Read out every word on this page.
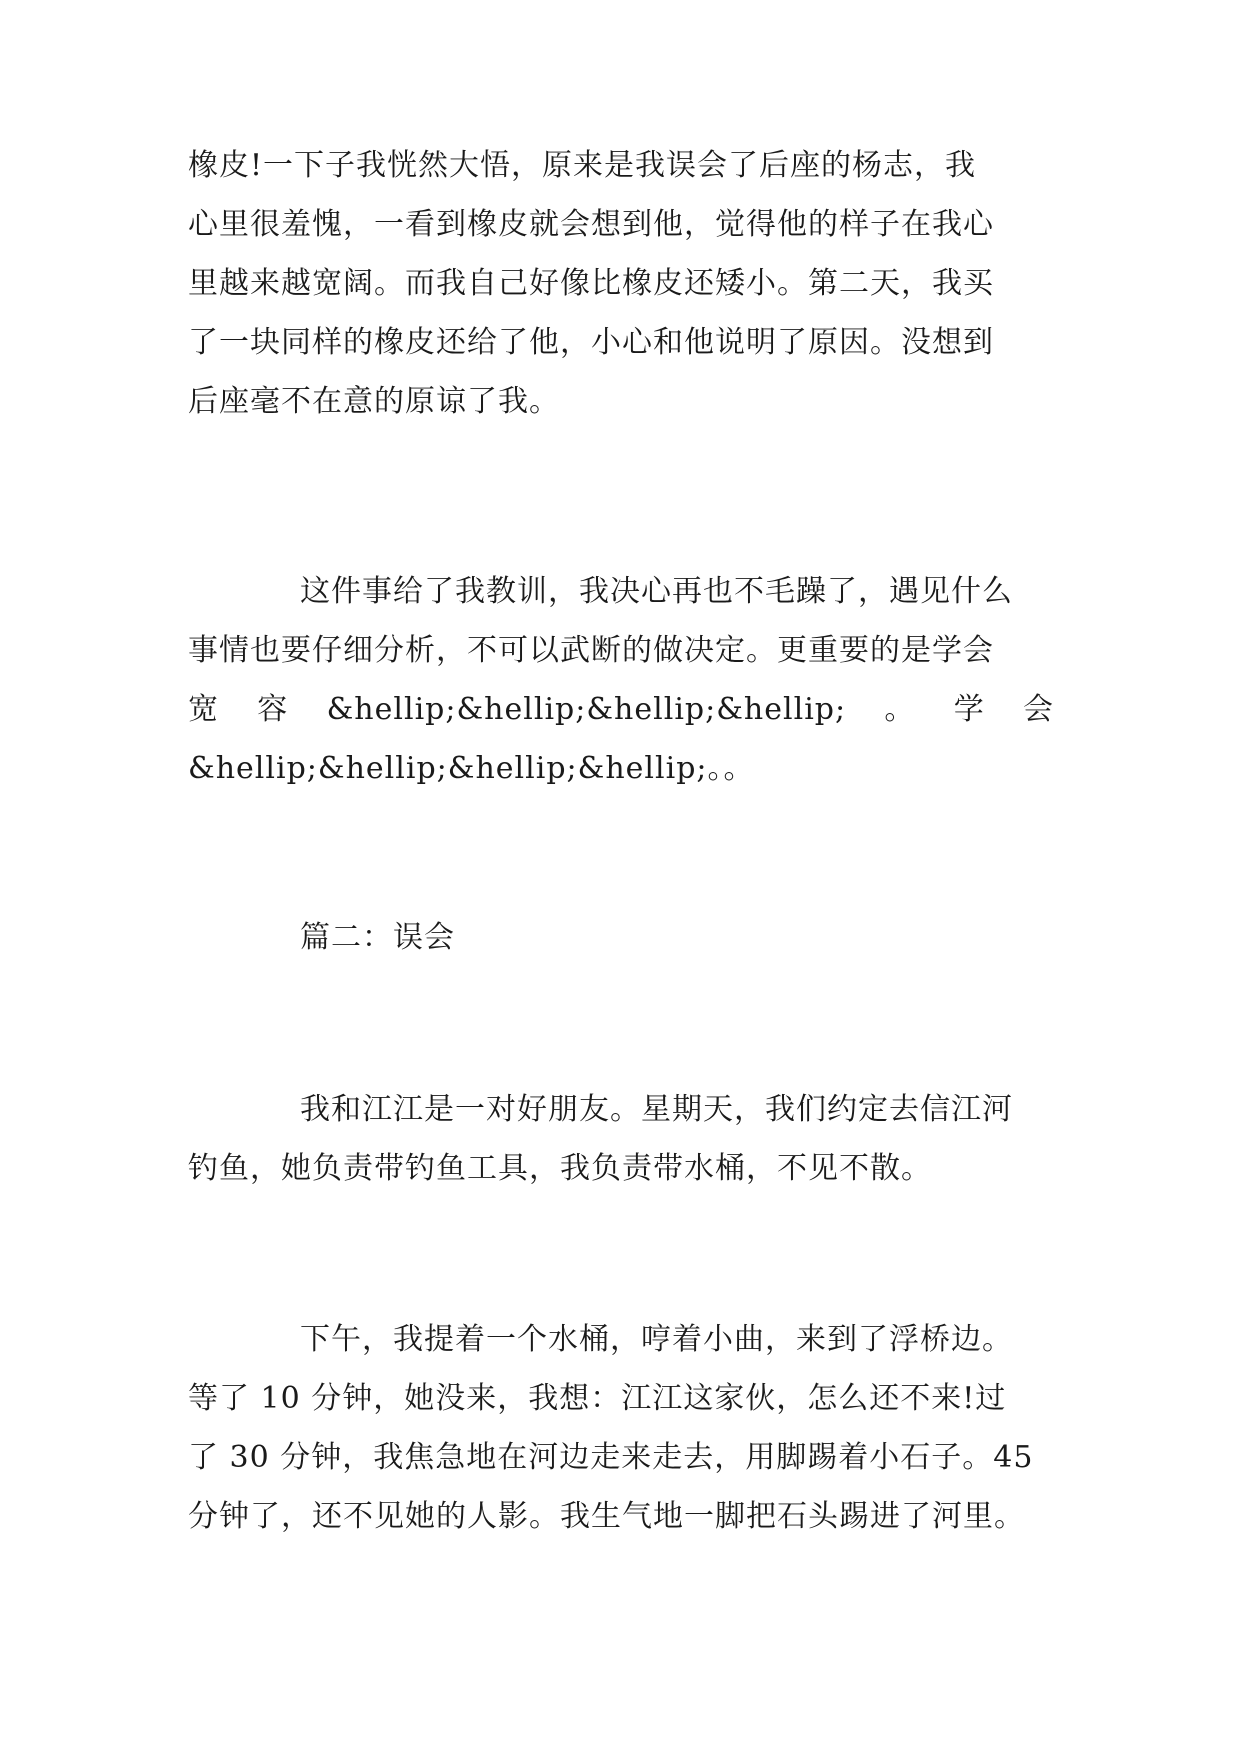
橡皮!一下子我恍然大悟，原来是我误会了后座的杨志，我
心里很羞愧，一看到橡皮就会想到他，觉得他的样子在我心
里越来越宽阔。而我自己好像比橡皮还矮小。第二天，我买
了一块同样的橡皮还给了他，小心和他说明了原因。没想到
后座毫不在意的原谅了我。
这件事给了我教训，我决心再也不毛躁了，遇见什么
事情也要仔细分析，不可以武断的做决定。更重要的是学会
宽 容 &hellip;&hellip;&hellip;&hellip; 。 学 会
&hellip;&hellip;&hellip;&hellip;。。
篇二：误会
我和江江是一对好朋友。星期天，我们约定去信江河
钓鱼，她负责带钓鱼工具，我负责带水桶，不见不散。
下午，我提着一个水桶，哼着小曲，来到了浮桥边。
等了 10 分钟，她没来，我想：江江这家伙，怎么还不来!过
了 30 分钟，我焦急地在河边走来走去，用脚踢着小石子。45
分钟了，还不见她的人影。我生气地一脚把石头踢进了河里。
